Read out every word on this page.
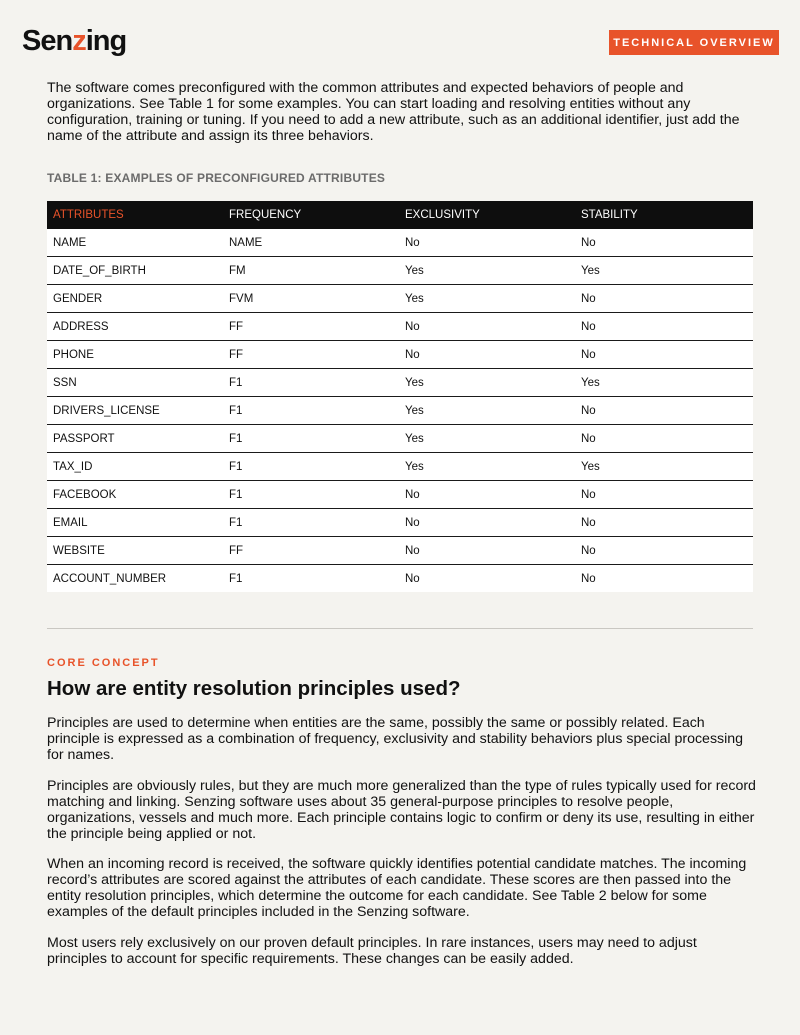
Senzing	TECHNICAL OVERVIEW

The software comes preconfigured with the common attributes and expected behaviors of people and organizations. See Table 1 for some examples. You can start loading and resolving entities without any configuration, training or tuning. If you need to add a new attribute, such as an additional identifier, just add the name of the attribute and assign its three behaviors.

TABLE 1: EXAMPLES OF PRECONFIGURED ATTRIBUTES
ATTRIBUTES	FREQUENCY	EXCLUSIVITY	STABILITY
NAME	NAME	No	No
DATE_OF_BIRTH	FM	Yes	Yes
GENDER	FVM	Yes	No
ADDRESS	FF	No	No
PHONE	FF	No	No
SSN	F1	Yes	Yes
DRIVERS_LICENSE	F1	Yes	No
PASSPORT	F1	Yes	No
TAX_ID	F1	Yes	Yes
FACEBOOK	F1	No	No
EMAIL	F1	No	No
WEBSITE	FF	No	No
ACCOUNT_NUMBER	F1	No	No
CORE CONCEPT
How are entity resolution principles used?

Principles are used to determine when entities are the same, possibly the same or possibly related. Each principle is expressed as a combination of frequency, exclusivity and stability behaviors plus special processing for names.

Principles are obviously rules, but they are much more generalized than the type of rules typically used for record matching and linking. Senzing software uses about 35 general-purpose principles to resolve people, organizations, vessels and much more. Each principle contains logic to confirm or deny its use, resulting in either the principle being applied or not.

When an incoming record is received, the software quickly identifies potential candidate matches. The incoming record’s attributes are scored against the attributes of each candidate. These scores are then passed into the entity resolution principles, which determine the outcome for each candidate. See Table 2 below for some examples of the default principles included in the Senzing software.

Most users rely exclusively on our proven default principles. In rare instances, users may need to adjust principles to account for specific requirements. These changes can be easily added.
